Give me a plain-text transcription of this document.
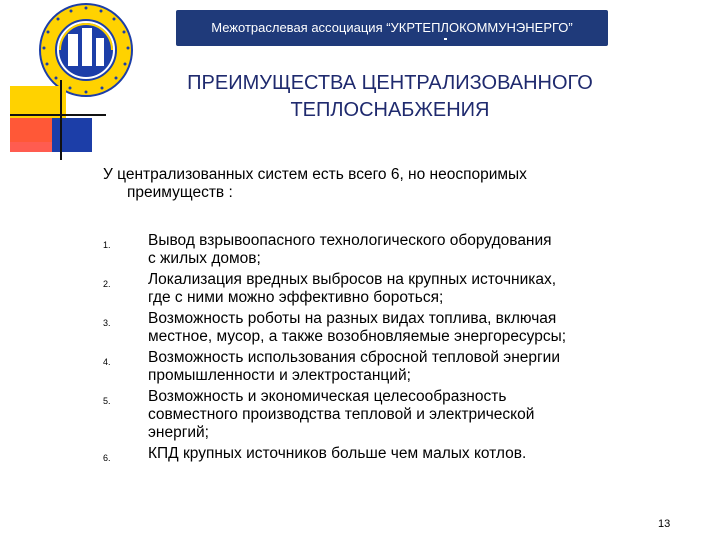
Межотраслевая ассоциация “УКРТЕПЛОКОММУНЭНЕРГО”
ПРЕИМУЩЕСТВА ЦЕНТРАЛИЗОВАННОГО
ТЕПЛОСНАБЖЕНИЯ
У централизованных систем есть всего 6, но неоспоримых
преимуществ :
1. Вывод взрывоопасного технологического оборудования
с жилых домов;
2. Локализация вредных выбросов на крупных источниках,
где с ними можно эффективно бороться;
3. Возможность роботы на разных видах топлива, включая
местное, мусор, а также возобновляемые энергоресурсы;
4. Возможность использования сбросной тепловой энергии
промышленности и электростанций;
5. Возможность и экономическая целесообразность
совместного производства тепловой и электрической
энергий;
6. КПД крупных источников больше чем малых котлов.
13
